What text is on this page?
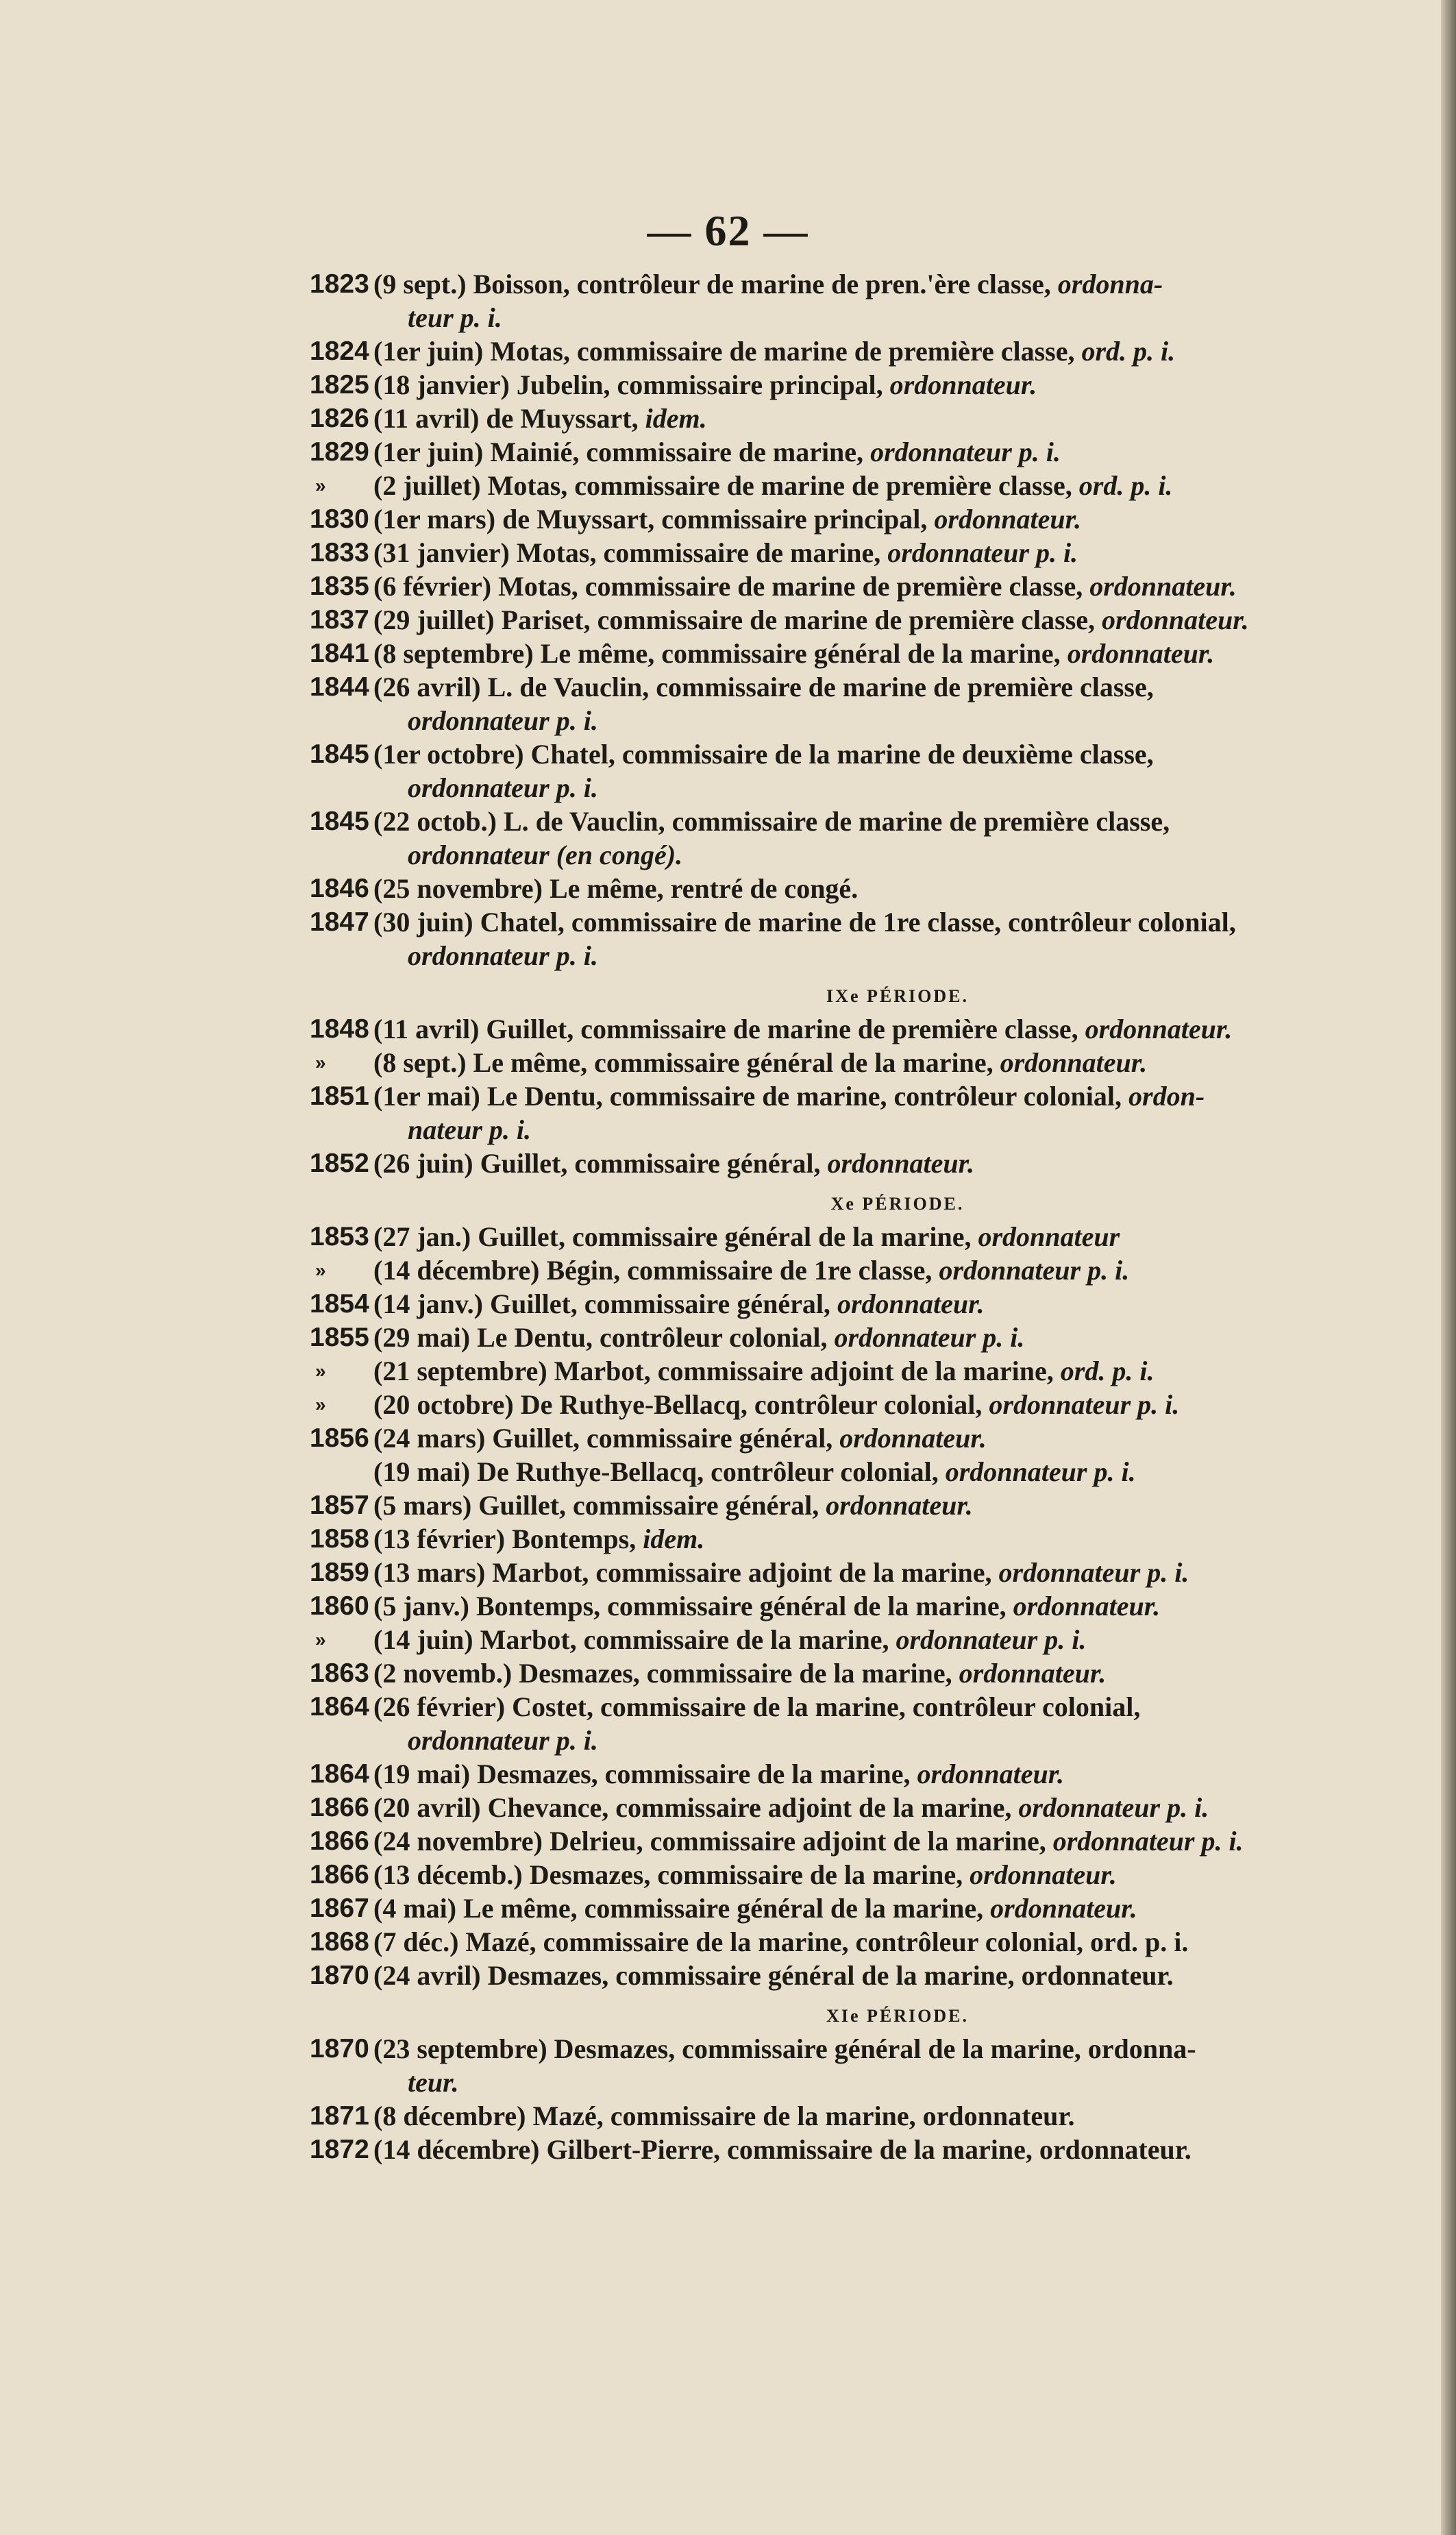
— 62 —
1823 (9 sept.) Boisson, contrôleur de marine de pren.'ère classe, ordonna-
teur p. i.
1824 (1er juin) Motas, commissaire de marine de première classe, ord. p. i.
1825 (18 janvier) Jubelin, commissaire principal, ordonnateur.
1826 (11 avril) de Muyssart, idem.
1829 (1er juin) Mainié, commissaire de marine, ordonnateur p. i.
»	(2 juillet) Motas, commissaire de marine de première classe, ord. p. i.
1830 (1er mars) de Muyssart, commissaire principal, ordonnateur.
1833 (31 janvier) Motas, commissaire de marine, ordonnateur p. i.
1835 (6 février) Motas, commissaire de marine de première classe, ordonnateur.
1837 (29 juillet) Pariset, commissaire de marine de première classe, ordonnateur.
1841 (8 septembre) Le même, commissaire général de la marine, ordonnateur.
1844 (26 avril) L. de Vauclin, commissaire de marine de première classe,
ordonnateur p. i.
1845 (1er octobre) Chatel, commissaire de la marine de deuxième classe,
ordonnateur p. i.
1845 (22 octob.) L. de Vauclin, commissaire de marine de première classe,
ordonnateur (en congé).
1846 (25 novembre) Le même, rentré de congé.
1847 (30 juin) Chatel, commissaire de marine de 1re classe, contrôleur colonial,
ordonnateur p. i.
IXe PÉRIODE.
1848 (11 avril) Guillet, commissaire de marine de première classe, ordonnateur.
»	(8 sept.) Le même, commissaire général de la marine, ordonnateur.
1851 (1er mai) Le Dentu, commissaire de marine, contrôleur colonial, ordon-
nateur p. i.
1852 (26 juin) Guillet, commissaire général, ordonnateur.
Xe PÉRIODE.
1853 (27 jan.) Guillet, commissaire général de la marine, ordonnateur
»	(14 décembre) Bégin, commissaire de 1re classe, ordonnateur p. i.
1854 (14 janv.) Guillet, commissaire général, ordonnateur.
1855 (29 mai) Le Dentu, contrôleur colonial, ordonnateur p. i.
»	(21 septembre) Marbot, commissaire adjoint de la marine, ord. p. i.
»	(20 octobre) De Ruthye-Bellacq, contrôleur colonial, ordonnateur p. i.
1856 (24 mars) Guillet, commissaire général, ordonnateur.
(19 mai) De Ruthye-Bellacq, contrôleur colonial, ordonnateur p. i.
1857 (5 mars) Guillet, commissaire général, ordonnateur.
1858 (13 février) Bontemps, idem.
1859 (13 mars) Marbot, commissaire adjoint de la marine, ordonnateur p. i.
1860 (5 janv.) Bontemps, commissaire général de la marine, ordonnateur.
»	(14 juin) Marbot, commissaire de la marine, ordonnateur p. i.
1863 (2 novemb.) Desmazes, commissaire de la marine, ordonnateur.
1864 (26 février) Costet, commissaire de la marine, contrôleur colonial,
ordonnateur p. i.
1864 (19 mai) Desmazes, commissaire de la marine, ordonnateur.
1866 (20 avril) Chevance, commissaire adjoint de la marine, ordonnateur p. i.
1866 (24 novembre) Delrieu, commissaire adjoint de la marine, ordonnateur p. i.
1866 (13 décemb.) Desmazes, commissaire de la marine, ordonnateur.
1867 (4 mai) Le même, commissaire général de la marine, ordonnateur.
1868 (7 déc.) Mazé, commissaire de la marine, contrôleur colonial, ord. p. i.
1870 (24 avril) Desmazes, commissaire général de la marine, ordonnateur.
XIe PÉRIODE.
1870 (23 septembre) Desmazes, commissaire général de la marine, ordonna-
teur.
1871 (8 décembre) Mazé, commissaire de la marine, ordonnateur.
1872 (14 décembre) Gilbert-Pierre, commissaire de la marine, ordonnateur.
